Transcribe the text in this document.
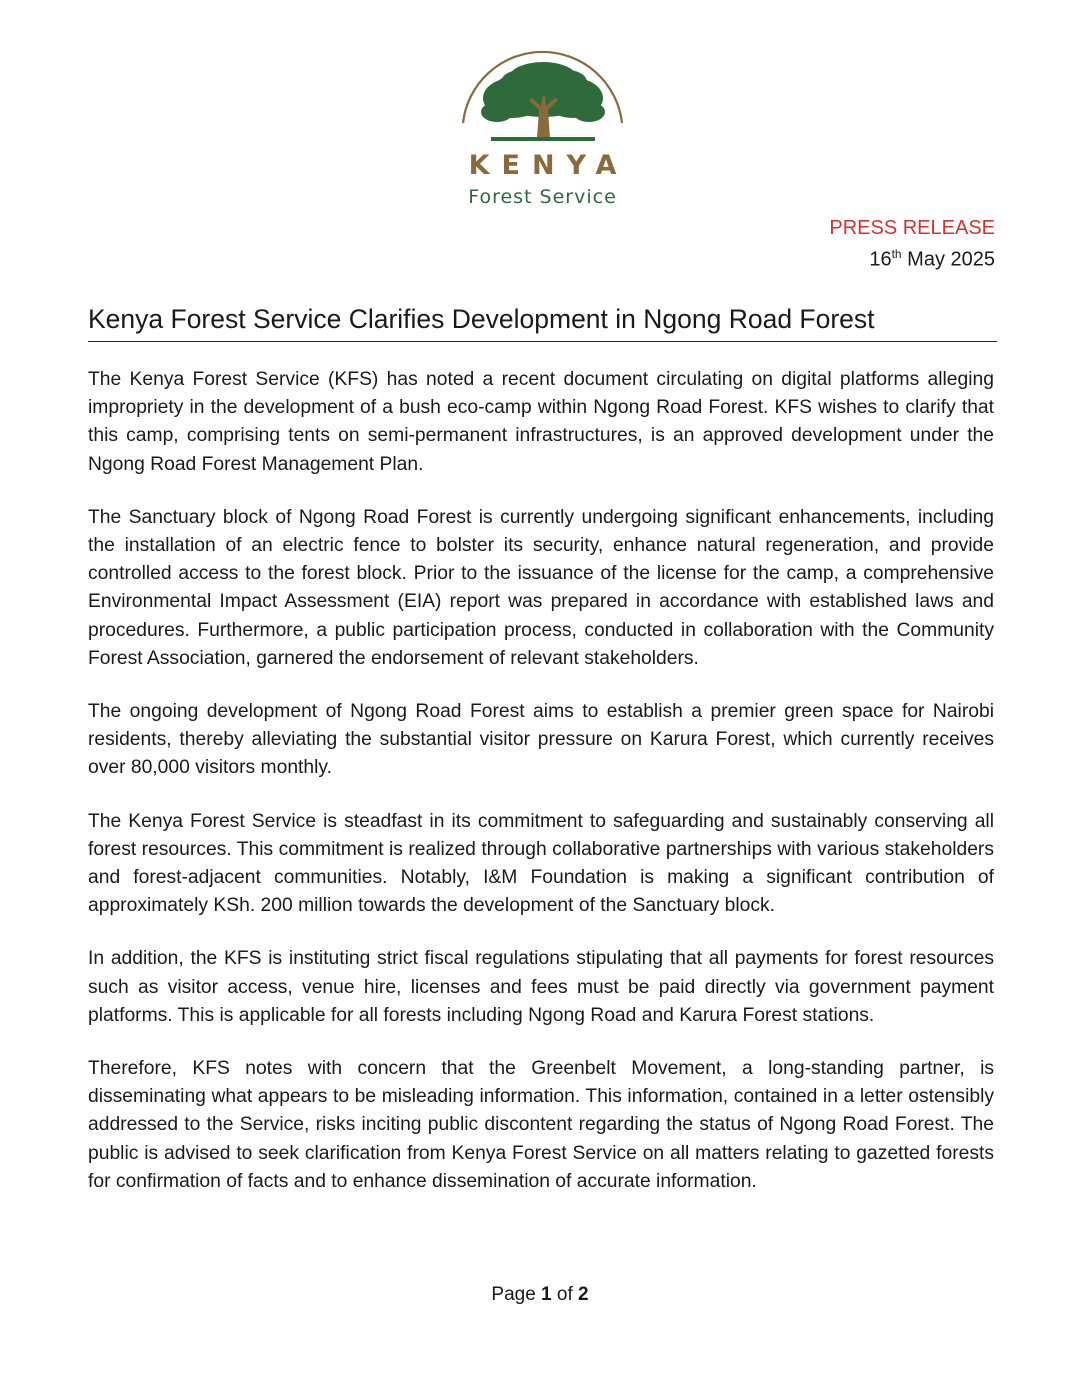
KENYA
Forest Service
PRESS RELEASE
16th May 2025
Kenya Forest Service Clarifies Development in Ngong Road Forest

The Kenya Forest Service (KFS) has noted a recent document circulating on digital platforms alleging impropriety in the development of a bush eco-camp within Ngong Road Forest. KFS wishes to clarify that this camp, comprising tents on semi-permanent infrastructures, is an approved development under the Ngong Road Forest Management Plan.

The Sanctuary block of Ngong Road Forest is currently undergoing significant enhancements, including the installation of an electric fence to bolster its security, enhance natural regeneration, and provide controlled access to the forest block. Prior to the issuance of the license for the camp, a comprehensive Environmental Impact Assessment (EIA) report was prepared in accordance with established laws and procedures. Furthermore, a public participation process, conducted in collaboration with the Community Forest Association, garnered the endorsement of relevant stakeholders.

The ongoing development of Ngong Road Forest aims to establish a premier green space for Nairobi residents, thereby alleviating the substantial visitor pressure on Karura Forest, which currently receives over 80,000 visitors monthly.

The Kenya Forest Service is steadfast in its commitment to safeguarding and sustainably conserving all forest resources. This commitment is realized through collaborative partnerships with various stakeholders and forest-adjacent communities. Notably, I&M Foundation is making a significant contribution of approximately KSh. 200 million towards the development of the Sanctuary block.

In addition, the KFS is instituting strict fiscal regulations stipulating that all payments for forest resources such as visitor access, venue hire, licenses and fees must be paid directly via government payment platforms. This is applicable for all forests including Ngong Road and Karura Forest stations.

Therefore, KFS notes with concern that the Greenbelt Movement, a long-standing partner, is disseminating what appears to be misleading information. This information, contained in a letter ostensibly addressed to the Service, risks inciting public discontent regarding the status of Ngong Road Forest. The public is advised to seek clarification from Kenya Forest Service on all matters relating to gazetted forests for confirmation of facts and to enhance dissemination of accurate information.

Page 1 of 2
